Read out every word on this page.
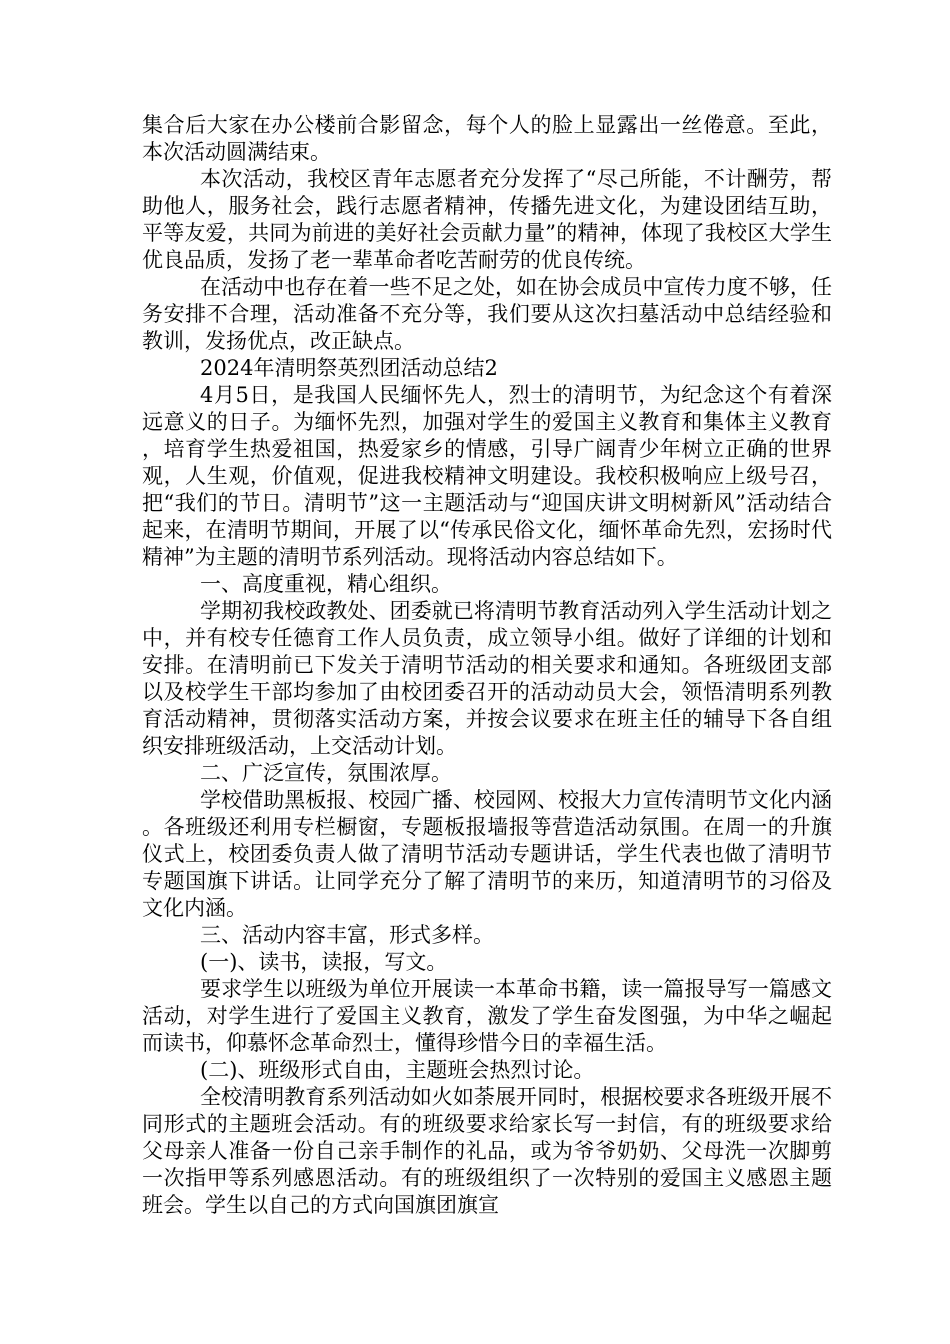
集合后大家在办公楼前合影留念，每个人的脸上显露出一丝倦意。至此，本次活动圆满结束。

本次活动，我校区青年志愿者充分发挥了“尽己所能，不计酬劳，帮助他人，服务社会，践行志愿者精神，传播先进文化，为建设团结互助，平等友爱，共同为前进的美好社会贡献力量”的精神，体现了我校区大学生优良品质，发扬了老一辈革命者吃苦耐劳的优良传统。

在活动中也存在着一些不足之处，如在协会成员中宣传力度不够，任务安排不合理，活动准备不充分等，我们要从这次扫墓活动中总结经验和教训，发扬优点，改正缺点。

2024年清明祭英烈团活动总结2

4月5日，是我国人民缅怀先人，烈士的清明节，为纪念这个有着深远意义的日子。为缅怀先烈，加强对学生的爱国主义教育和集体主义教育，培育学生热爱祖国，热爱家乡的情感，引导广阔青少年树立正确的世界观，人生观，价值观，促进我校精神文明建设。我校积极响应上级号召，把“我们的节日。清明节”这一主题活动与“迎国庆讲文明树新风”活动结合起来，在清明节期间，开展了以“传承民俗文化，缅怀革命先烈，宏扬时代精神”为主题的清明节系列活动。现将活动内容总结如下。

一、高度重视，精心组织。

学期初我校政教处、团委就已将清明节教育活动列入学生活动计划之中，并有校专任德育工作人员负责，成立领导小组。做好了详细的计划和安排。在清明前已下发关于清明节活动的相关要求和通知。各班级团支部以及校学生干部均参加了由校团委召开的活动动员大会，领悟清明系列教育活动精神，贯彻落实活动方案，并按会议要求在班主任的辅导下各自组织安排班级活动，上交活动计划。

二、广泛宣传，氛围浓厚。

学校借助黑板报、校园广播、校园网、校报大力宣传清明节文化内涵。各班级还利用专栏橱窗，专题板报墙报等营造活动氛围。在周一的升旗仪式上，校团委负责人做了清明节活动专题讲话，学生代表也做了清明节专题国旗下讲话。让同学充分了解了清明节的来历，知道清明节的习俗及文化内涵。

三、活动内容丰富，形式多样。

(一)、读书，读报，写文。

要求学生以班级为单位开展读一本革命书籍，读一篇报导写一篇感文活动，对学生进行了爱国主义教育，激发了学生奋发图强，为中华之崛起而读书，仰慕怀念革命烈士，懂得珍惜今日的幸福生活。

(二)、班级形式自由，主题班会热烈讨论。

全校清明教育系列活动如火如荼展开同时，根据校要求各班级开展不同形式的主题班会活动。有的班级要求给家长写一封信，有的班级要求给父母亲人准备一份自己亲手制作的礼品，或为爷爷奶奶、父母洗一次脚剪一次指甲等系列感恩活动。有的班级组织了一次特别的爱国主义感恩主题班会。学生以自己的方式向国旗团旗宣
